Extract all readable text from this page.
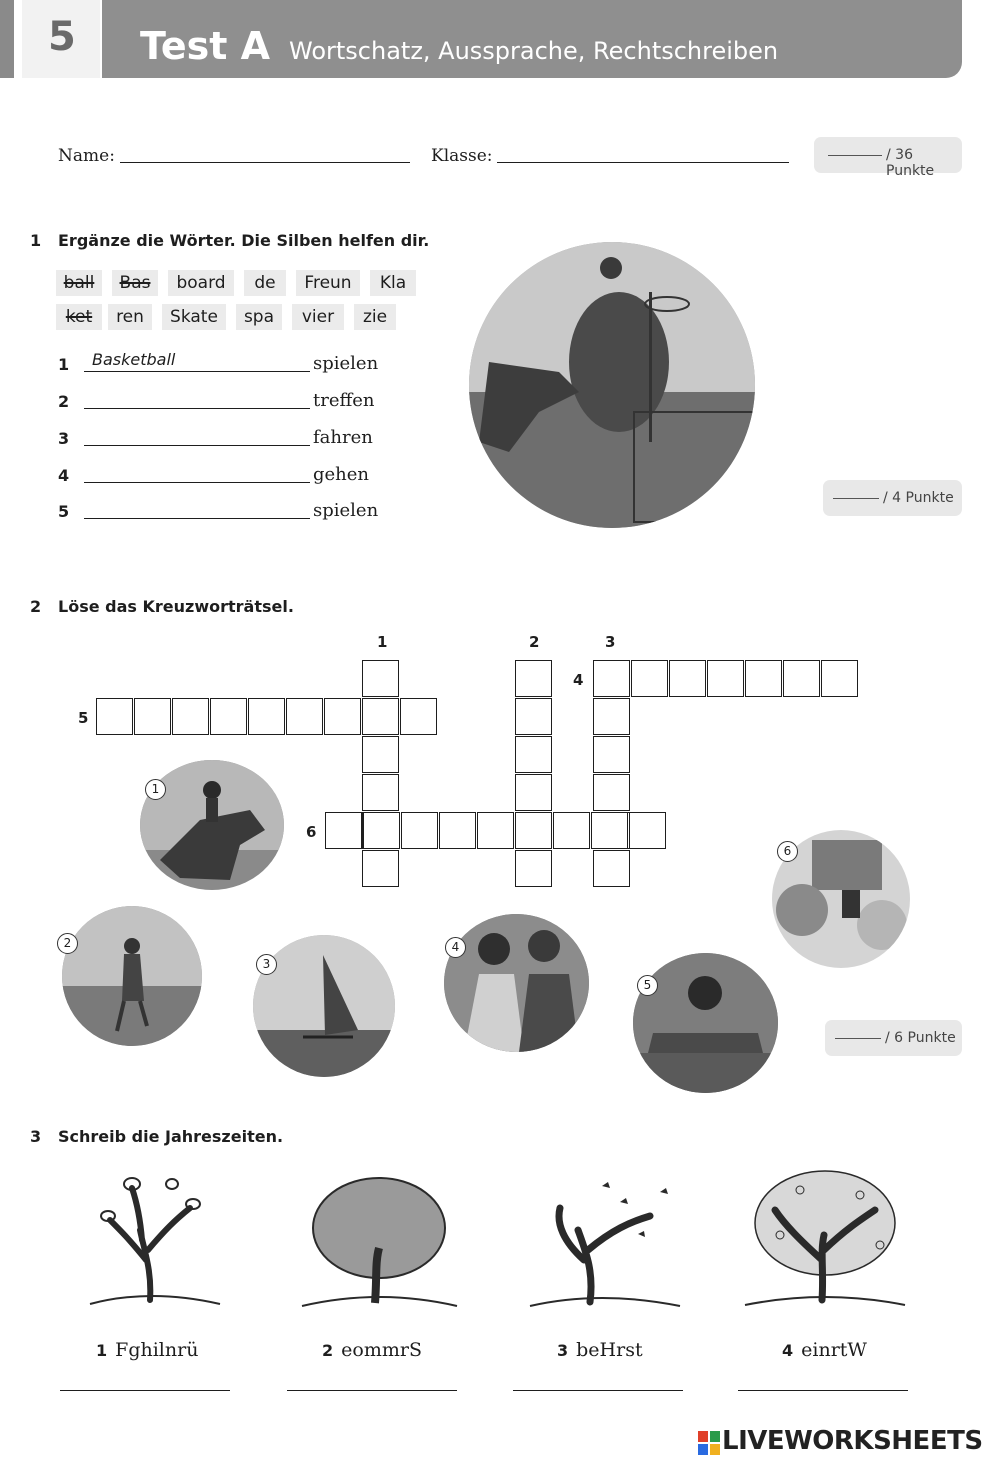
5 Test A Wortschatz, Aussprache, Rechtschreiben
Name:	Klasse:	/ 36 Punkte
1 Ergänze die Wörter. Die Silben helfen dir.
ball	Bas	board	de	Freun	Kla
ket	ren	Skate	spa	vier	zie
1 Basketball	spielen
2	treffen
3	fahren
4	gehen
5	spielen
/ 4 Punkte
2 Löse das Kreuzworträtsel.
1	2	3
4
5
6
1
2
3
4
5
6
/ 6 Punkte
3 Schreib die Jahreszeiten.
1 Fghilnrü	2 eommrS	3 beHrst	4 einrtW
LIVEWORKSHEETS
